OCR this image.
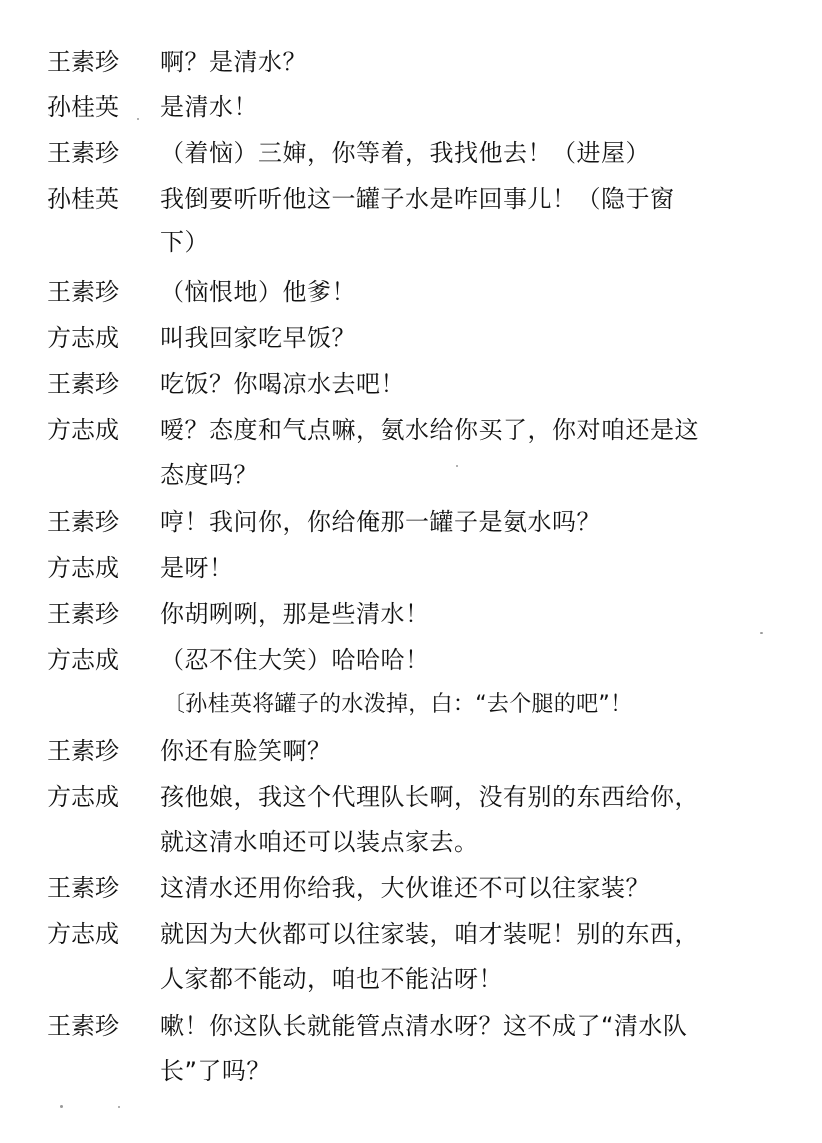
王素珍 啊？是清水？
孙桂英 是清水！
王素珍 （着恼）三婶，你等着，我找他去！（进屋）
孙桂英 我倒要听听他这一罐子水是咋回事儿！（隐于窗
下）
王素珍 （恼恨地）他爹！
方志成 叫我回家吃早饭？
王素珍 吃饭？你喝凉水去吧！
方志成 嗳？态度和气点嘛，氨水给你买了，你对咱还是这
态度吗？
王素珍 哼！我问你，你给俺那一罐子是氨水吗？
方志成 是呀！
王素珍 你胡咧咧，那是些清水！
方志成 （忍不住大笑）哈哈哈！
〔孙桂英将罐子的水泼掉，白：“去个腿的吧”！
王素珍 你还有脸笑啊？
方志成 孩他娘，我这个代理队长啊，没有别的东西给你，
就这清水咱还可以装点家去。
王素珍 这清水还用你给我，大伙谁还不可以往家装？
方志成 就因为大伙都可以往家装，咱才装呢！别的东西，
人家都不能动，咱也不能沾呀！
王素珍 嗽！你这队长就能管点清水呀？这不成了“清水队
长”了吗？
